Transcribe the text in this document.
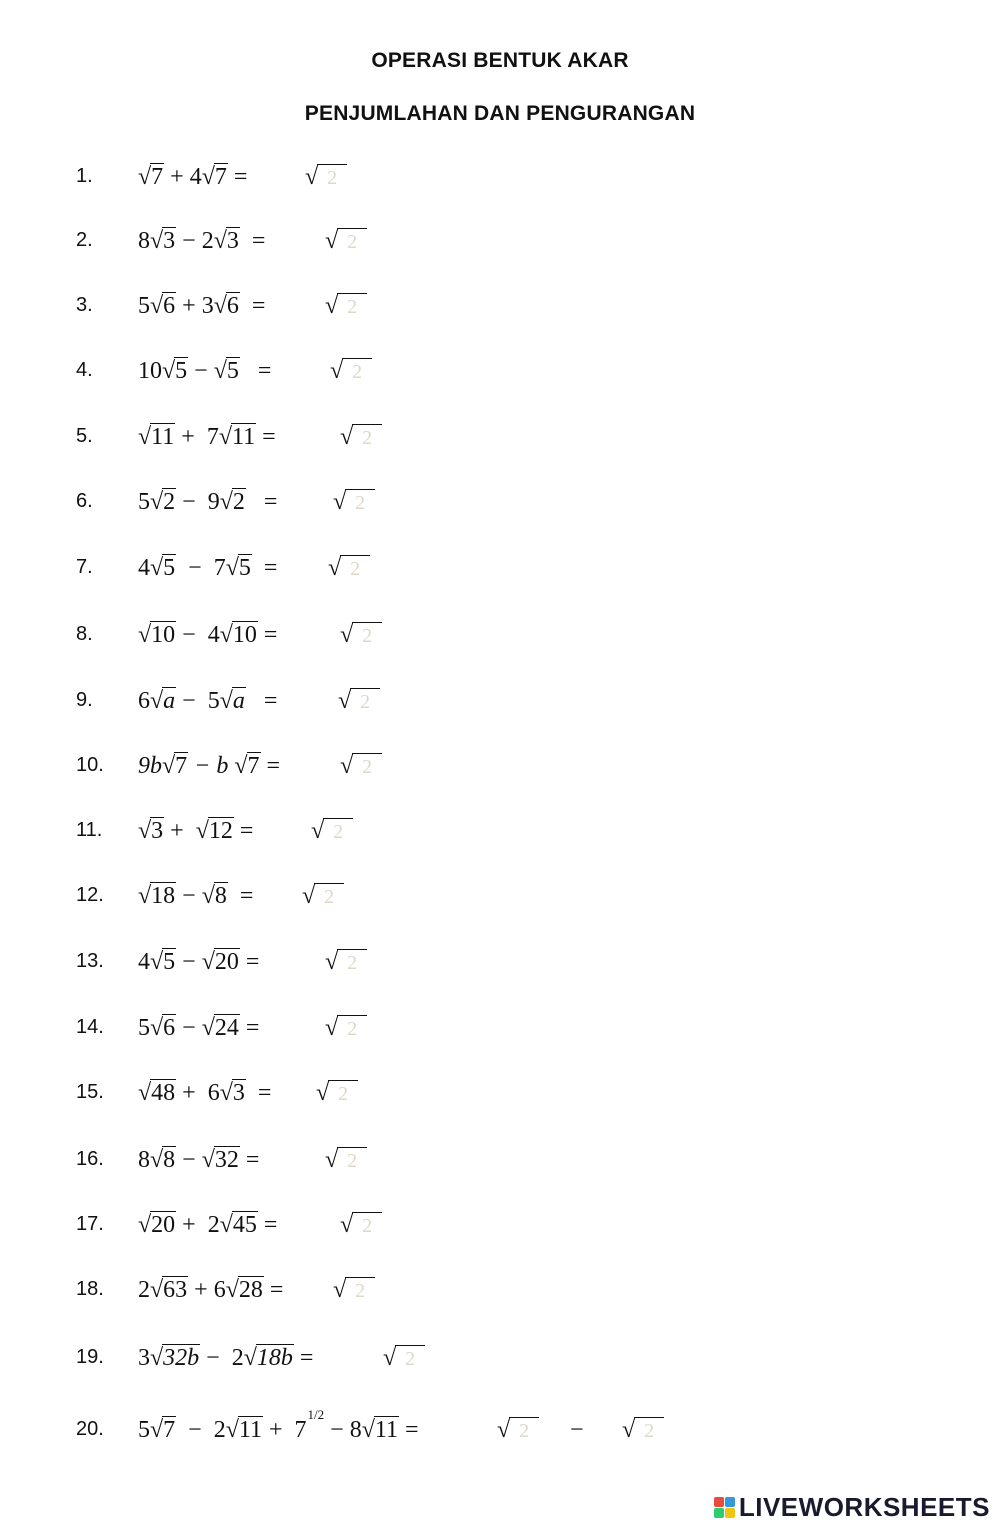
OPERASI BENTUK AKAR
PENJUMLAHAN DAN PENGURANGAN
1. √7 + 4√7 = √ 2
2. 8√3 − 2√3  = √ 2
3. 5√6 + 3√6  = √ 2
4. 10√5 − √5   = √ 2
5. √11 +  7√11 =	√ 2
6. 5√2 −  9√2   = √ 2
7. 4√5  −  7√5  = √ 2
8. √10 −  4√10 =	√ 2
9. 6√a −  5√a   =	√ 2
10. 9b√7 − b √7 = √ 2
11. √3 +  √12 = √ 2
12. √18 − √8  = √ 2
13. 4√5 − √20 =	√ 2
14. 5√6 − √24 =	√ 2
15. √48 +  6√3  = √ 2
16. 8√8 − √32 =	√ 2
17. √20 +  2√45 =	√ 2
18. 2√63 + 6√28 = √ 2
19. 3√32b −  2√18b =	√ 2
20. $5√7 - 2√11 + 7^{1/2} - 8√11$ =	√ 2	− √ 2
LIVEWORKSHEETS
